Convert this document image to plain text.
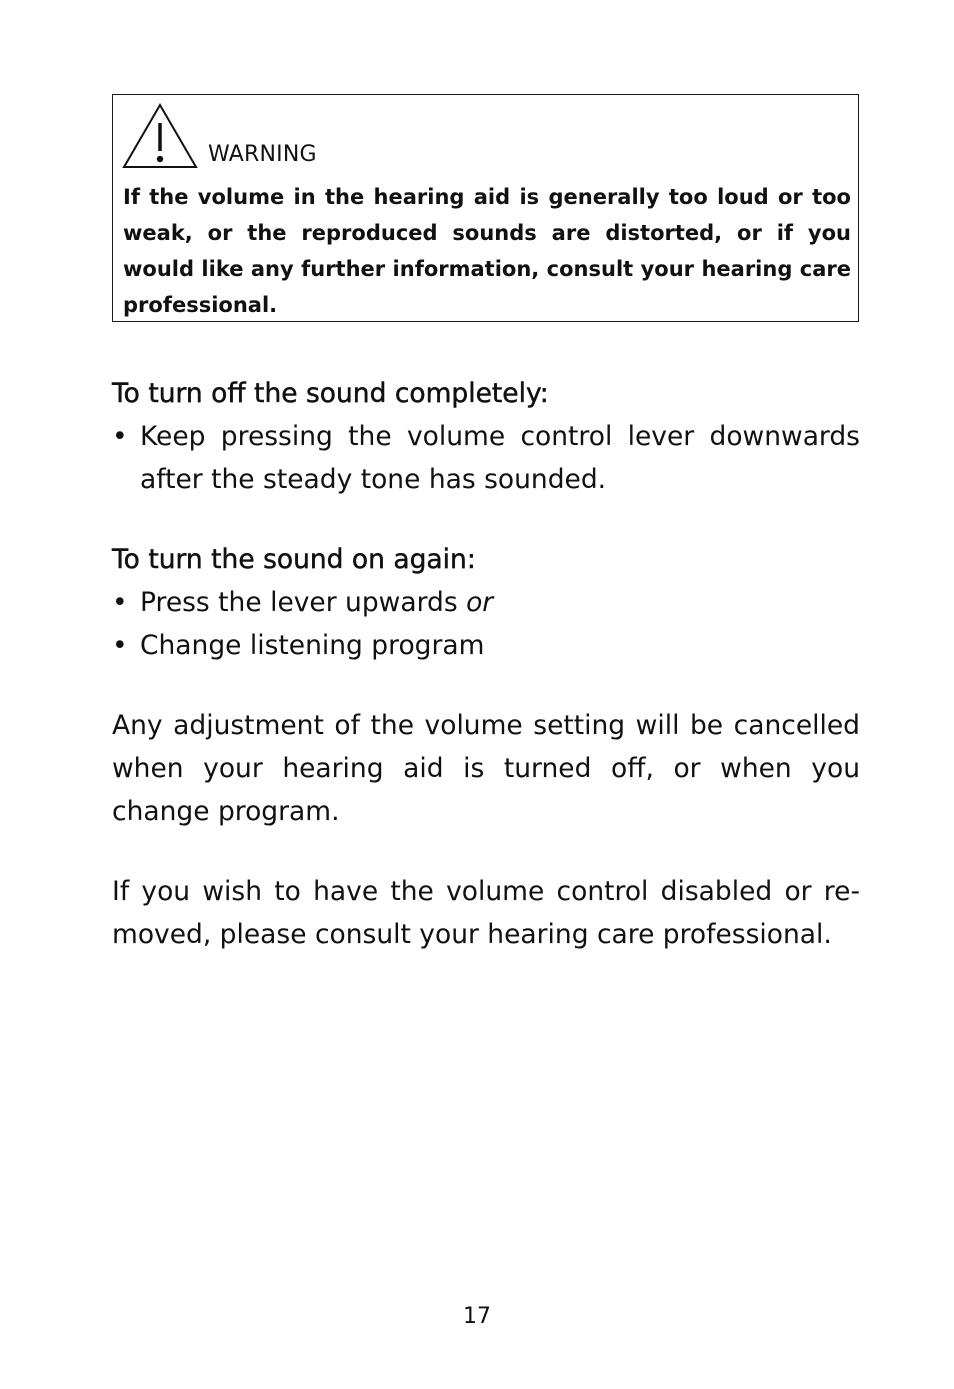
WARNING

If the volume in the hearing aid is generally too loud or too weak, or the reproduced sounds are distorted, or if you would like any further information, consult your hearing care professional.

To turn off the sound completely:
• Keep pressing the volume control lever downwards after the steady tone has sounded.
To turn the sound on again:
• Press the lever upwards or
• Change listening program

Any adjustment of the volume setting will be cancelled when your hearing aid is turned off, or when you change program.

If you wish to have the volume control disabled or removed, please consult your hearing care professional.

17
